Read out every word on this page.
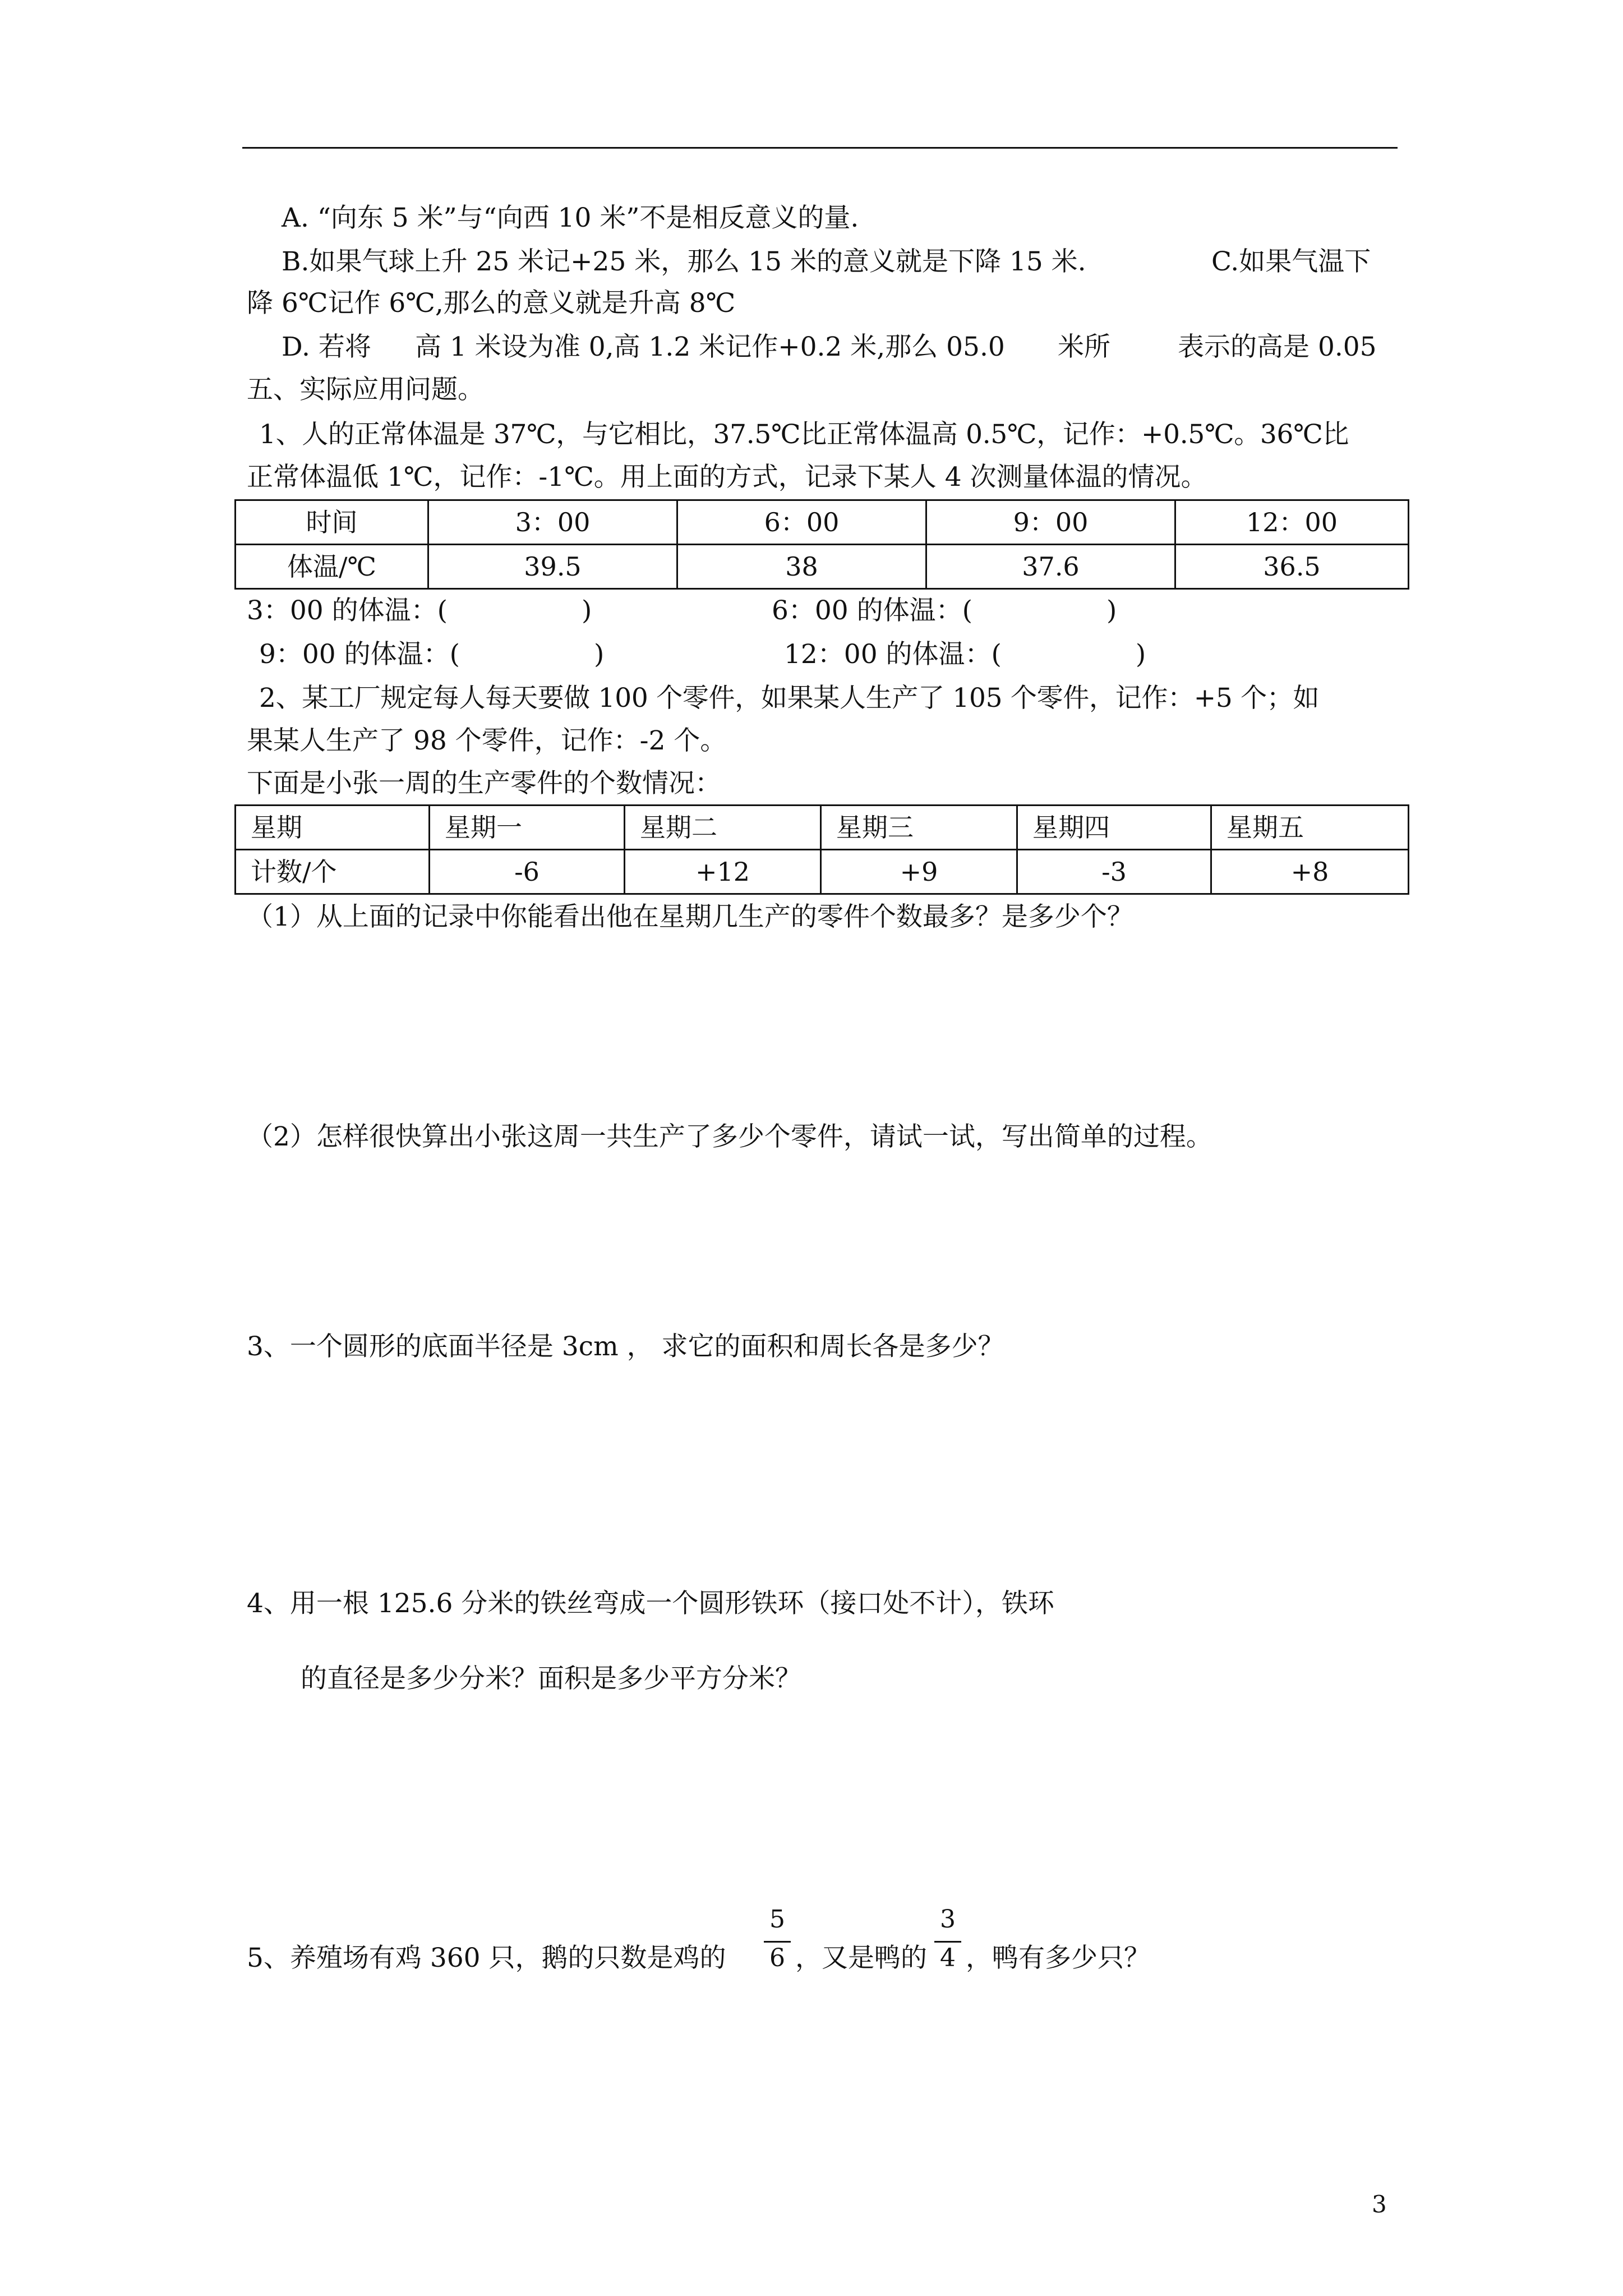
A. “向东 5 米”与“向西 10 米”不是相反意义的量.
B.如果气球上升 25 米记+25 米，那么 15 米的意义就是下降 15 米.	C.如果气温下
降 6℃记作 6℃,那么的意义就是升高 8℃
D. 若将 高 1 米设为准 0,高 1.2 米记作+0.2 米,那么 05.0 米所	表示的高是 0.05
五、实际应用问题。
1、人的正常体温是 37℃，与它相比，37.5℃比正常体温高 0.5℃，记作：+0.5℃。36℃比
正常体温低 1℃，记作：-1℃。用上面的方式，记录下某人 4 次测量体温的情况。
时间	3：00	6：00	9：00	12：00
体温/℃	39.5	38	37.6	36.5
3：00 的体温：(                )	6：00 的体温：(                )
9：00 的体温：(                )	12：00 的体温：(                )
2、某工厂规定每人每天要做 100 个零件，如果某人生产了 105 个零件，记作：+5 个；如
果某人生产了 98 个零件，记作：-2 个。
下面是小张一周的生产零件的个数情况：
星期	星期一	星期二	星期三	星期四	星期五
计数/个	-6	+12	+9	-3	+8
（1）从上面的记录中你能看出他在星期几生产的零件个数最多？是多少个？
（2）怎样很快算出小张这周一共生产了多少个零件，请试一试，写出简单的过程。
3、一个圆形的底面半径是 3cm ， 求它的面积和周长各是多少？
4、用一根 125.6 分米的铁丝弯成一个圆形铁环（接口处不计），铁环
的直径是多少分米？面积是多少平方分米？
5、养殖场有鸡 360 只，鹅的只数是鸡的
5
6 ，又是鸭的
3
4 ，鸭有多少只？
3
